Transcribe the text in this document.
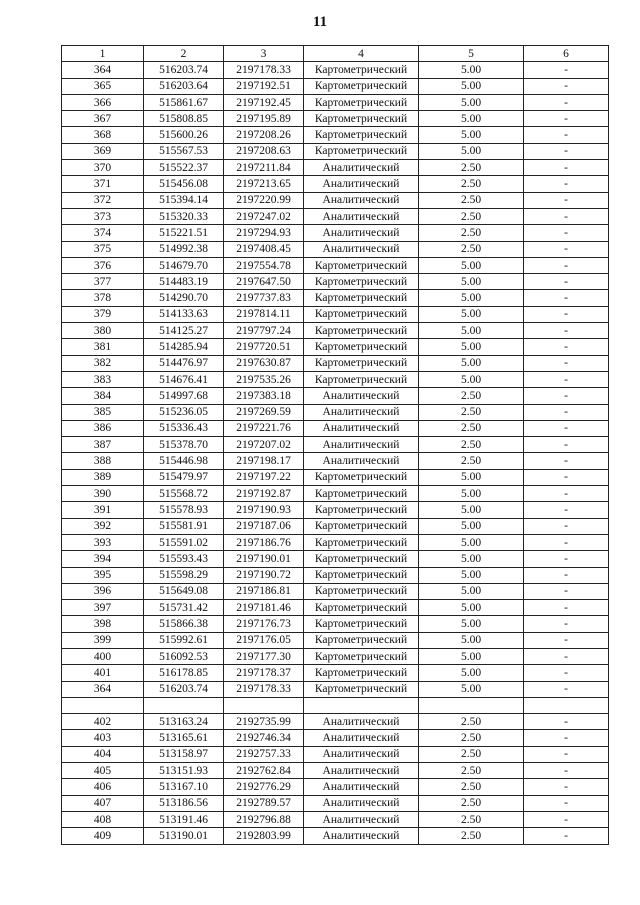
11
1	2	3	4	5	6
364	516203.74	2197178.33	Картометрический	5.00	-
365	516203.64	2197192.51	Картометрический	5.00	-
366	515861.67	2197192.45	Картометрический	5.00	-
367	515808.85	2197195.89	Картометрический	5.00	-
368	515600.26	2197208.26	Картометрический	5.00	-
369	515567.53	2197208.63	Картометрический	5.00	-
370	515522.37	2197211.84	Аналитический	2.50	-
371	515456.08	2197213.65	Аналитический	2.50	-
372	515394.14	2197220.99	Аналитический	2.50	-
373	515320.33	2197247.02	Аналитический	2.50	-
374	515221.51	2197294.93	Аналитический	2.50	-
375	514992.38	2197408.45	Аналитический	2.50	-
376	514679.70	2197554.78	Картометрический	5.00	-
377	514483.19	2197647.50	Картометрический	5.00	-
378	514290.70	2197737.83	Картометрический	5.00	-
379	514133.63	2197814.11	Картометрический	5.00	-
380	514125.27	2197797.24	Картометрический	5.00	-
381	514285.94	2197720.51	Картометрический	5.00	-
382	514476.97	2197630.87	Картометрический	5.00	-
383	514676.41	2197535.26	Картометрический	5.00	-
384	514997.68	2197383.18	Аналитический	2.50	-
385	515236.05	2197269.59	Аналитический	2.50	-
386	515336.43	2197221.76	Аналитический	2.50	-
387	515378.70	2197207.02	Аналитический	2.50	-
388	515446.98	2197198.17	Аналитический	2.50	-
389	515479.97	2197197.22	Картометрический	5.00	-
390	515568.72	2197192.87	Картометрический	5.00	-
391	515578.93	2197190.93	Картометрический	5.00	-
392	515581.91	2197187.06	Картометрический	5.00	-
393	515591.02	2197186.76	Картометрический	5.00	-
394	515593.43	2197190.01	Картометрический	5.00	-
395	515598.29	2197190.72	Картометрический	5.00	-
396	515649.08	2197186.81	Картометрический	5.00	-
397	515731.42	2197181.46	Картометрический	5.00	-
398	515866.38	2197176.73	Картометрический	5.00	-
399	515992.61	2197176.05	Картометрический	5.00	-
400	516092.53	2197177.30	Картометрический	5.00	-
401	516178.85	2197178.37	Картометрический	5.00	-
364	516203.74	2197178.33	Картометрический	5.00	-

402	513163.24	2192735.99	Аналитический	2.50	-
403	513165.61	2192746.34	Аналитический	2.50	-
404	513158.97	2192757.33	Аналитический	2.50	-
405	513151.93	2192762.84	Аналитический	2.50	-
406	513167.10	2192776.29	Аналитический	2.50	-
407	513186.56	2192789.57	Аналитический	2.50	-
408	513191.46	2192796.88	Аналитический	2.50	-
409	513190.01	2192803.99	Аналитический	2.50	-
